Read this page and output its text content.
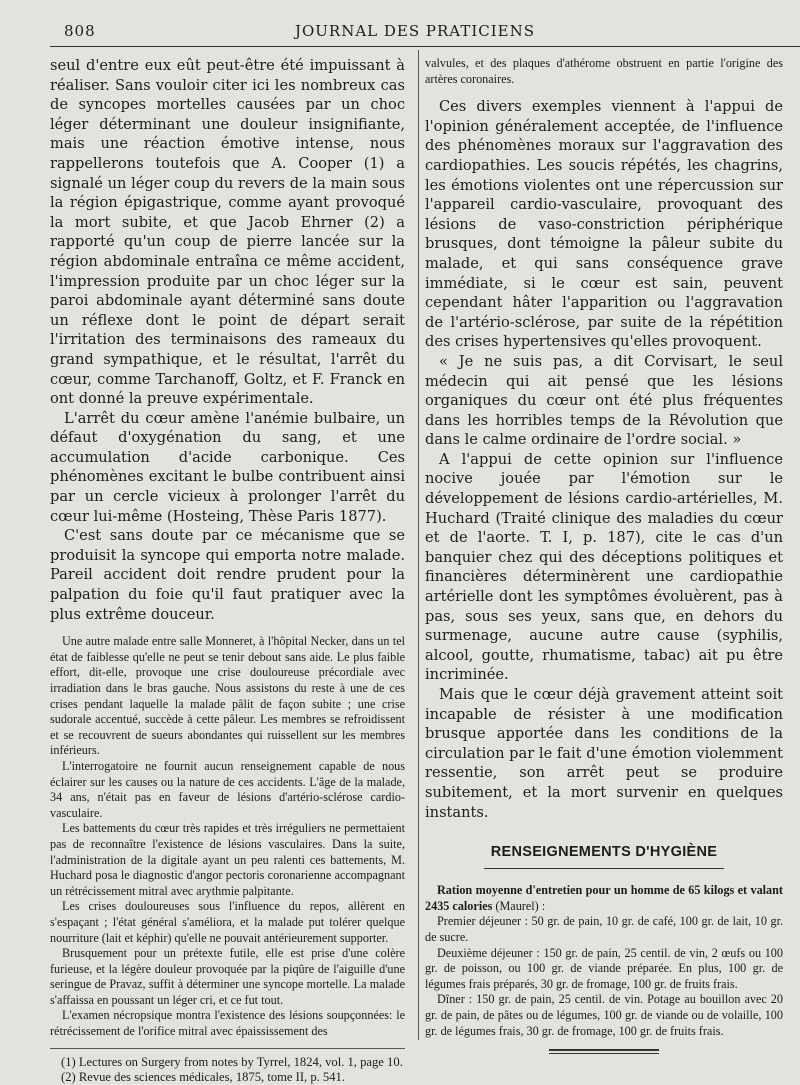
808	JOURNAL DES PRATICIENS

seul d'entre eux eût peut-être été impuissant à réaliser. Sans vouloir citer ici les nombreux cas de syncopes mortelles causées par un choc léger déterminant une douleur insignifiante, mais une réaction émotive intense, nous rappellerons toutefois que A. Cooper (1) a signalé un léger coup du revers de la main sous la région épigastrique, comme ayant provoqué la mort subite, et que Jacob Ehrner (2) a rapporté qu'un coup de pierre lancée sur la région abdominale entraîna ce même accident, l'impression produite par un choc léger sur la paroi abdominale ayant déterminé sans doute un réflexe dont le point de départ serait l'irritation des terminaisons des rameaux du grand sympathique, et le résultat, l'arrêt du cœur, comme Tarchanoff, Goltz, et F. Franck en ont donné la preuve expérimentale.

L'arrêt du cœur amène l'anémie bulbaire, un défaut d'oxygénation du sang, et une accumulation d'acide carbonique. Ces phénomènes excitant le bulbe contribuent ainsi par un cercle vicieux à prolonger l'arrêt du cœur lui-même (Hosteing, Thèse Paris 1877).

C'est sans doute par ce mécanisme que se produisit la syncope qui emporta notre malade. Pareil accident doit rendre prudent pour la palpation du foie qu'il faut pratiquer avec la plus extrême douceur.

Une autre malade entre salle Monneret, à l'hôpital Necker, dans un tel état de faiblesse qu'elle ne peut se tenir debout sans aide. Le plus faible effort, dit-elle, provoque une crise douloureuse précordiale avec irradiation dans le bras gauche. Nous assistons du reste à une de ces crises pendant laquelle la malade pâlit de façon subite ; une crise sudorale accentué, succède à cette pâleur. Les membres se refroidissent et se recouvrent de sueurs abondantes qui ruissellent sur les membres inférieurs.

L'interrogatoire ne fournit aucun renseignement capable de nous éclairer sur les causes ou la nature de ces accidents. L'âge de la malade, 34 ans, n'était pas en faveur de lésions d'artério-sclérose cardio-vasculaire.

Les battements du cœur très rapides et très irréguliers ne permettaient pas de reconnaître l'existence de lésions vasculaires. Dans la suite, l'administration de la digitale ayant un peu ralenti ces battements, M. Huchard posa le diagnostic d'angor pectoris coronarienne accompagnant un rétrécissement mitral avec arythmie palpitante.

Les crises douloureuses sous l'influence du repos, allèrent en s'espaçant ; l'état général s'améliora, et la malade put tolérer quelque nourriture (lait et képhir) qu'elle ne pouvait antérieurement supporter.

Brusquement pour un prétexte futile, elle est prise d'une colère furieuse, et la légère douleur provoquée par la piqûre de l'aiguille d'une seringue de Pravaz, suffit à déterminer une syncope mortelle. La malade s'affaissa en poussant un léger cri, et ce fut tout.

L'examen nécropsique montra l'existence des lésions soupçonnées: le rétrécissement de l'orifice mitral avec épaississement des

(1) Lectures on Surgery from notes by Tyrrel, 1824, vol. 1, page 10.

(2) Revue des sciences médicales, 1875, tome II, p. 541.

valvules, et des plaques d'athérome obstruent en partie l'origine des artères coronaires.

Ces divers exemples viennent à l'appui de l'opinion généralement acceptée, de l'influence des phénomènes moraux sur l'aggravation des cardiopathies. Les soucis répétés, les chagrins, les émotions violentes ont une répercussion sur l'appareil cardio-vasculaire, provoquant des lésions de vaso-constriction périphérique brusques, dont témoigne la pâleur subite du malade, et qui sans conséquence grave immédiate, si le cœur est sain, peuvent cependant hâter l'apparition ou l'aggravation de l'artério-sclérose, par suite de la répétition des crises hypertensives qu'elles provoquent.

« Je ne suis pas, a dit Corvisart, le seul médecin qui ait pensé que les lésions organiques du cœur ont été plus fréquentes dans les horribles temps de la Révolution que dans le calme ordinaire de l'ordre social. »

A l'appui de cette opinion sur l'influence nocive jouée par l'émotion sur le développement de lésions cardio-artérielles, M. Huchard (Traité clinique des maladies du cœur et de l'aorte. T. I, p. 187), cite le cas d'un banquier chez qui des déceptions politiques et financières déterminèrent une cardiopathie artérielle dont les symptômes évoluèrent, pas à pas, sous ses yeux, sans que, en dehors du surmenage, aucune autre cause (syphilis, alcool, goutte, rhumatisme, tabac) ait pu être incriminée.

Mais que le cœur déjà gravement atteint soit incapable de résister à une modification brusque apportée dans les conditions de la circulation par le fait d'une émotion violemment ressentie, son arrêt peut se produire subitement, et la mort survenir en quelques instants.

RENSEIGNEMENTS D'HYGIÈNE

Ration moyenne d'entretien pour un homme de 65 kilogs et valant 2435 calories (Maurel) :

Premier déjeuner : 50 gr. de pain, 10 gr. de café, 100 gr. de lait, 10 gr. de sucre.

Deuxième déjeuner : 150 gr. de pain, 25 centil. de vin, 2 œufs ou 100 gr. de poisson, ou 100 gr. de viande préparée. En plus, 100 gr. de légumes frais préparés, 30 gr. de fromage, 100 gr. de fruits frais.

Dîner : 150 gr. de pain, 25 centil. de vin. Potage au bouillon avec 20 gr. de pain, de pâtes ou de légumes, 100 gr. de viande ou de volaille, 100 gr. de légumes frais, 30 gr. de fromage, 100 gr. de fruits frais.
